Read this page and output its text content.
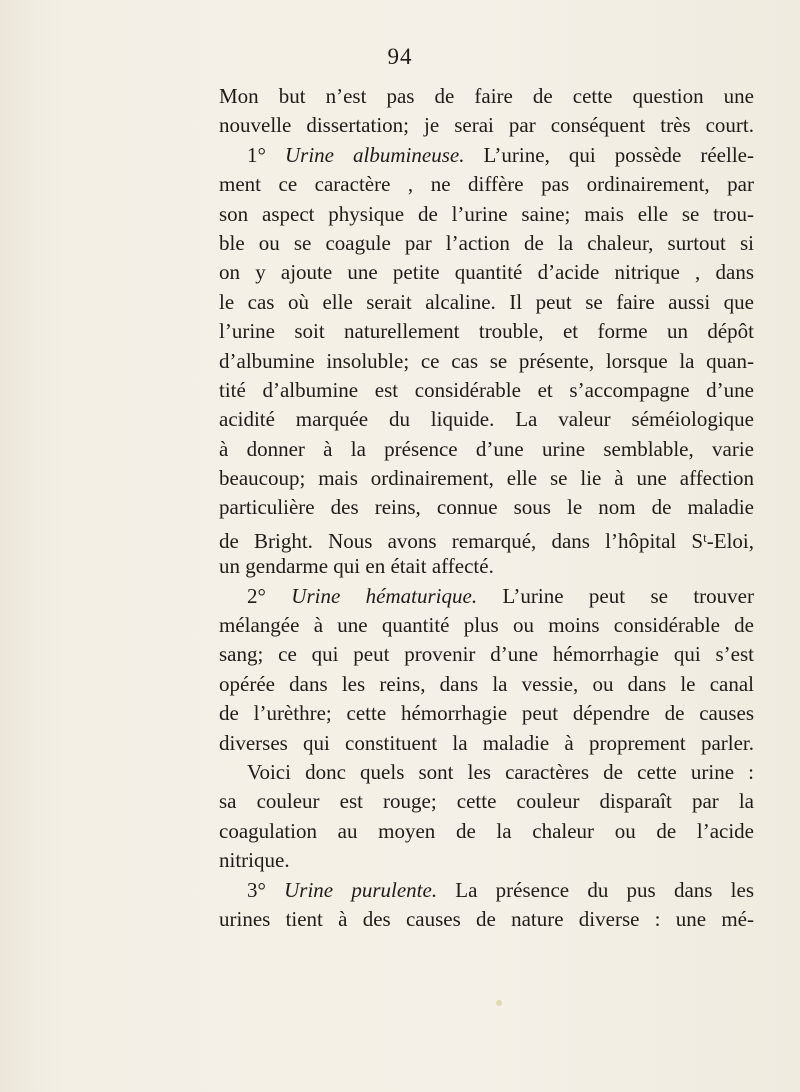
94
Mon but n’est pas de faire de cette question une
nouvelle dissertation; je serai par conséquent très court.
1° Urine albumineuse. L’urine, qui possède réelle-
ment ce caractère , ne diffère pas ordinairement, par
son aspect physique de l’urine saine; mais elle se trou-
ble ou se coagule par l’action de la chaleur, surtout si
on y ajoute une petite quantité d’acide nitrique , dans
le cas où elle serait alcaline. Il peut se faire aussi que
l’urine soit naturellement trouble, et forme un dépôt
d’albumine insoluble; ce cas se présente, lorsque la quan-
tité d’albumine est considérable et s’accompagne d’une
acidité marquée du liquide. La valeur séméiologique
à donner à la présence d’une urine semblable, varie
beaucoup; mais ordinairement, elle se lie à une affection
particulière des reins, connue sous le nom de maladie
de Bright. Nous avons remarqué, dans l’hôpital $S^t$-Eloi,
un gendarme qui en était affecté.
2° Urine hématurique. L’urine peut se trouver
mélangée à une quantité plus ou moins considérable de
sang; ce qui peut provenir d’une hémorrhagie qui s’est
opérée dans les reins, dans la vessie, ou dans le canal
de l’urèthre; cette hémorrhagie peut dépendre de causes
diverses qui constituent la maladie à proprement parler.
Voici donc quels sont les caractères de cette urine :
sa couleur est rouge; cette couleur disparaît par la
coagulation au moyen de la chaleur ou de l’acide
nitrique.
3° Urine purulente. La présence du pus dans les
urines tient à des causes de nature diverse : une mé-
